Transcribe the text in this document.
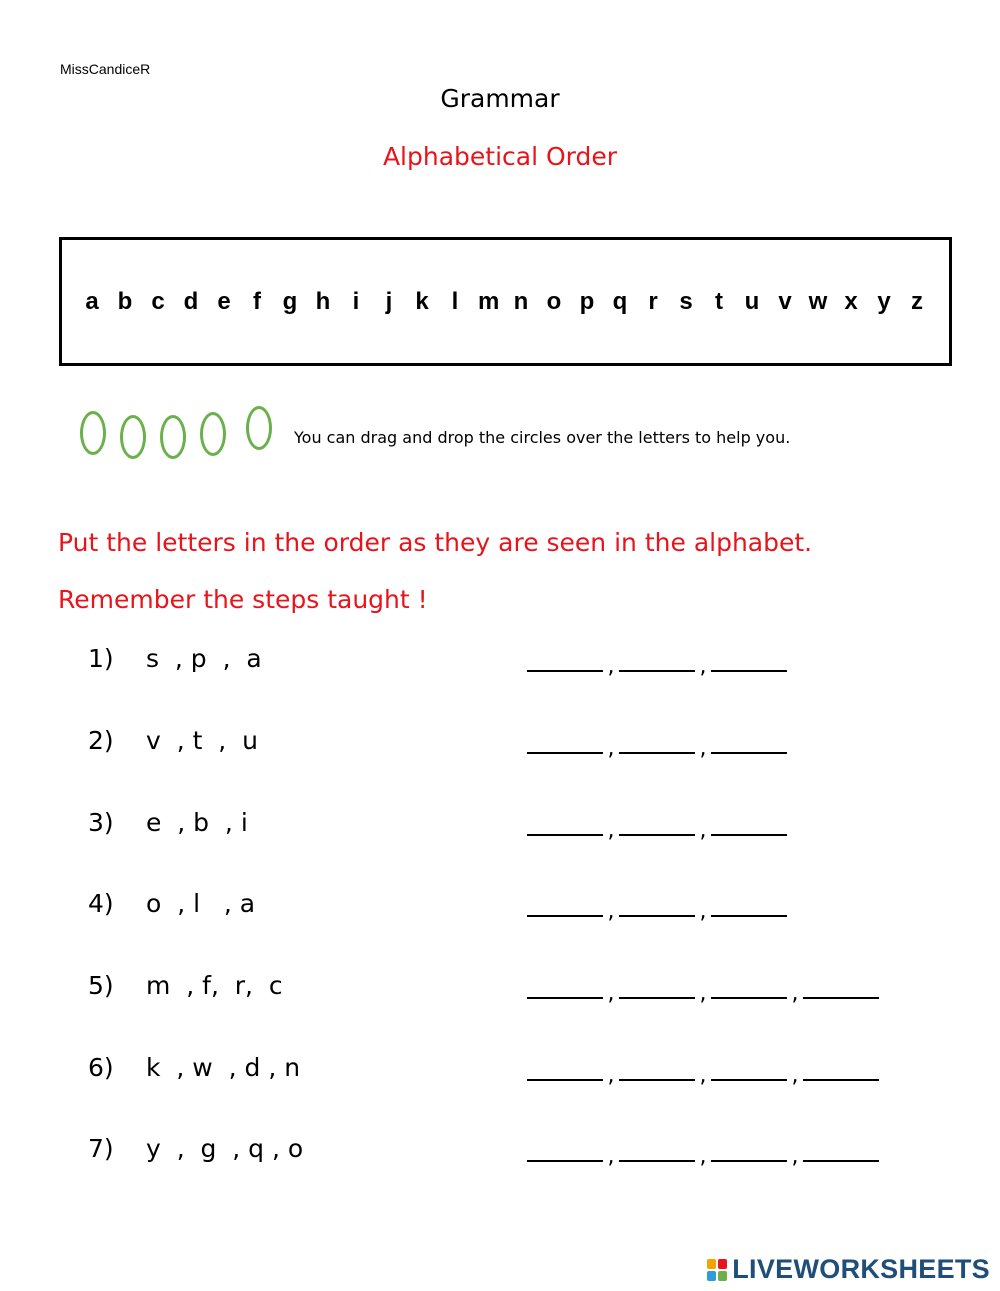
MissCandiceR
Grammar
Alphabetical Order
a b c d e f g h i j k l m n o p q r s t u v w x y z
You can drag and drop the circles over the letters to help you.
Put the letters in the order as they are seen in the alphabet.
Remember the steps taught !
1) s  , p  ,  a	,	,
2) v  , t  ,  u	,	,
3) e  , b  , i	,	,
4) o  , l   , a	,	,
5) m  , f,  r,  c	,	,	,
6) k  , w  , d , n	,	,	,
7) y  ,  g  , q , o	,	,	,
LIVEWORKSHEETS
